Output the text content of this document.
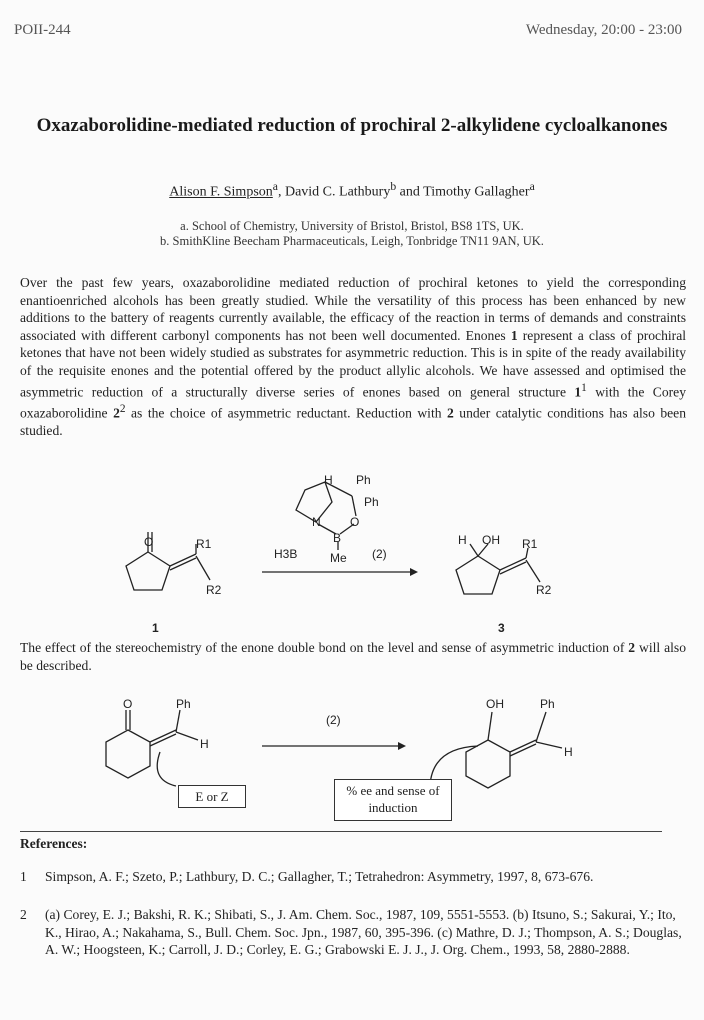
POII-244	Wednesday, 20:00 - 23:00
Oxazaborolidine-mediated reduction of prochiral 2-alkylidene cycloalkanones
Alison F. Simpson$^a$, David C. Lathbury$^b$ and Timothy Gallagher$^a$
a. School of Chemistry, University of Bristol, Bristol, BS8 1TS, UK.
b. SmithKline Beecham Pharmaceuticals, Leigh, Tonbridge TN11 9AN, UK.
Over the past few years, oxazaborolidine mediated reduction of prochiral ketones to yield the corresponding enantioenriched alcohols has been greatly studied. While the versatility of this process has been enhanced by new additions to the battery of reagents currently available, the efficacy of the reaction in terms of demands and constraints associated with different carbonyl components has not been well documented. Enones 1 represent a class of prochiral ketones that have not been widely studied as substrates for asymmetric reduction. This is in spite of the ready availability of the requisite enones and the potential offered by the product allylic alcohols. We have assessed and optimised the asymmetric reduction of a structurally diverse series of enones based on general structure $1^1$ with the Corey oxazaborolidine $2^2$ as the choice of asymmetric reductant. Reduction with 2 under catalytic conditions has also been studied.
O	R1
R2
1
H Ph
Ph
N O
B
H3B	Me (2)
H OH R1
R2
3
The effect of the stereochemistry of the enone double bond on the level and sense of asymmetric induction of 2 will also be described.
O	Ph
H
(2)
OH	Ph
H
E or Z	% ee and sense of induction
References:
1	Simpson, A. F.; Szeto, P.; Lathbury, D. C.; Gallagher, T.; Tetrahedron: Asymmetry, 1997, 8, 673-676.
2	(a) Corey, E. J.; Bakshi, R. K.; Shibati, S., J. Am. Chem. Soc., 1987, 109, 5551-5553. (b) Itsuno, S.; Sakurai, Y.; Ito, K., Hirao, A.; Nakahama, S., Bull. Chem. Soc. Jpn., 1987, 60, 395-396. (c) Mathre, D. J.; Thompson, A. S.; Douglas, A. W.; Hoogsteen, K.; Carroll, J. D.; Corley, E. G.; Grabowski E. J. J., J. Org. Chem., 1993, 58, 2880-2888.
